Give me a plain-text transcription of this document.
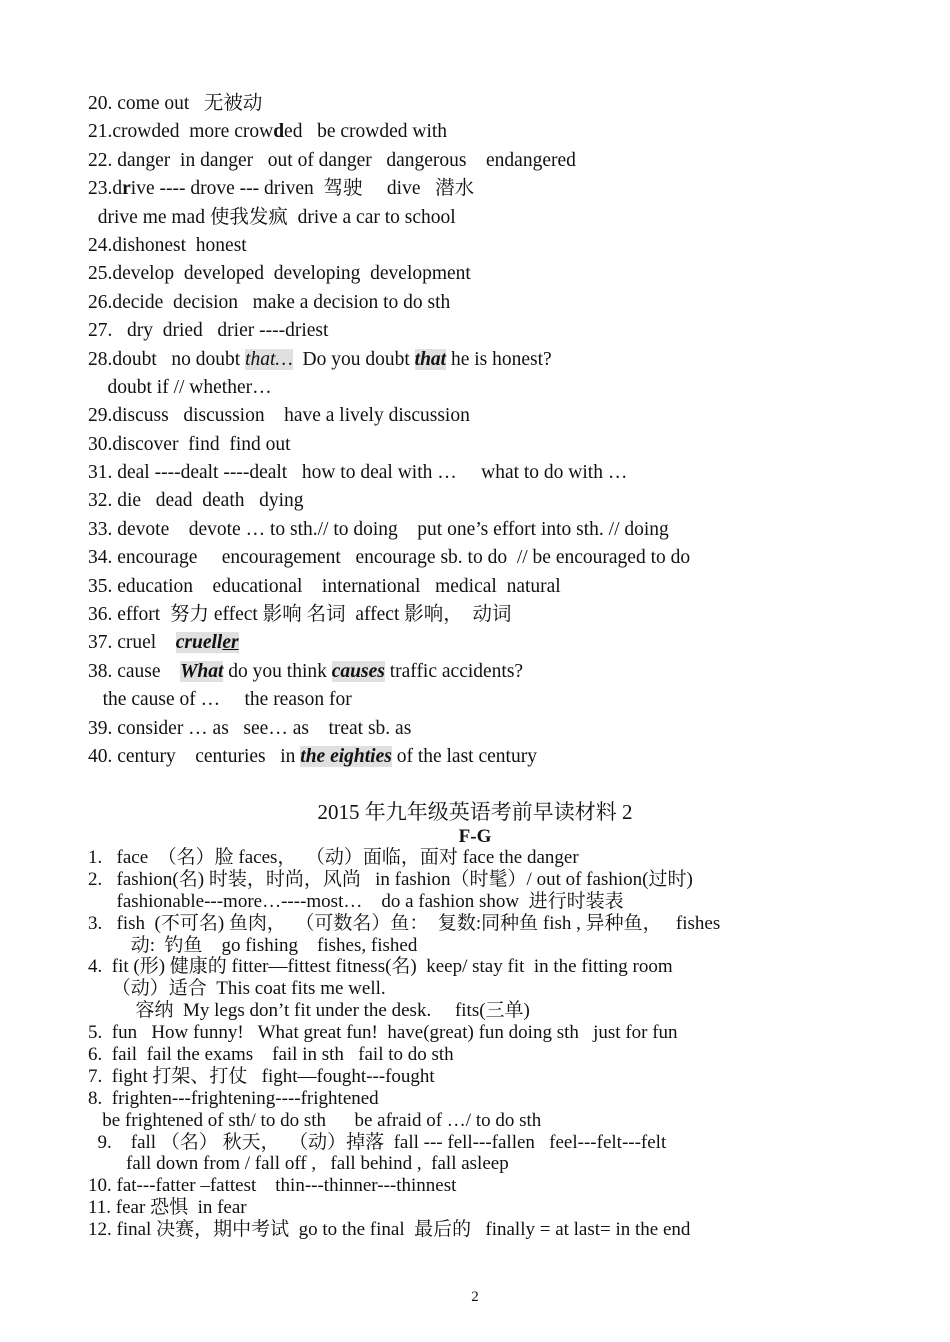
20. come out   无被动
21.crowded  more crowded   be crowded with
22. danger  in danger   out of danger   dangerous    endangered
23.drive ---- drove --- driven  驾驶     dive   潜水
drive me mad 使我发疯  drive a car to school
24.dishonest  honest
25.develop  developed  developing  development
26.decide  decision   make a decision to do sth
27.   dry  dried   drier ----driest
28.doubt   no doubt that…  Do you doubt that he is honest?
doubt if // whether…
29.discuss   discussion    have a lively discussion
30.discover  find  find out
31. deal ----dealt ----dealt   how to deal with …     what to do with …
32. die   dead  death   dying
33. devote    devote … to sth.// to doing    put one’s effort into sth. // doing
34. encourage     encouragement   encourage sb. to do  // be encouraged to do
35. education    educational    international   medical  natural
36. effort  努力 effect 影响 名词  affect 影响，  动词
37. cruel    crueller
38. cause    What do you think causes traffic accidents?
the cause of …     the reason for
39. consider … as   see… as    treat sb. as
40. century    centuries   in the eighties of the last century
2015 年九年级英语考前早读材料 2
F-G
1.   face  （名）脸 faces，  （动）面临，面对 face the danger
2.   fashion(名) 时装，时尚，风尚   in fashion（时髦）/ out of fashion(过时)
fashionable---more…----most…    do a fashion show  进行时装表
3.   fish  (不可名) 鱼肉，  （可数名）鱼：  复数:同种鱼 fish , 异种鱼，   fishes
动:  钓鱼    go fishing    fishes, fished
4.  fit (形) 健康的 fitter—fittest fitness(名)  keep/ stay fit  in the fitting room
（动）适合  This coat fits me well.
容纳  My legs don’t fit under the desk.     fits(三单)
5.  fun   How funny!   What great fun!  have(great) fun doing sth   just for fun
6.  fail  fail the exams    fail in sth   fail to do sth
7.  fight 打架、打仗   fight—fought---fought
8.  frighten---frightening----frightened
be frightened of sth/ to do sth      be afraid of …/ to do sth
9.    fall （名） 秋天，  （动）掉落  fall --- fell---fallen   feel---felt---felt
fall down from / fall off ,   fall behind ,  fall asleep
10. fat---fatter –fattest    thin---thinner---thinnest
11. fear 恐惧  in fear
12. final 决赛，期中考试  go to the final  最后的   finally = at last= in the end
2
